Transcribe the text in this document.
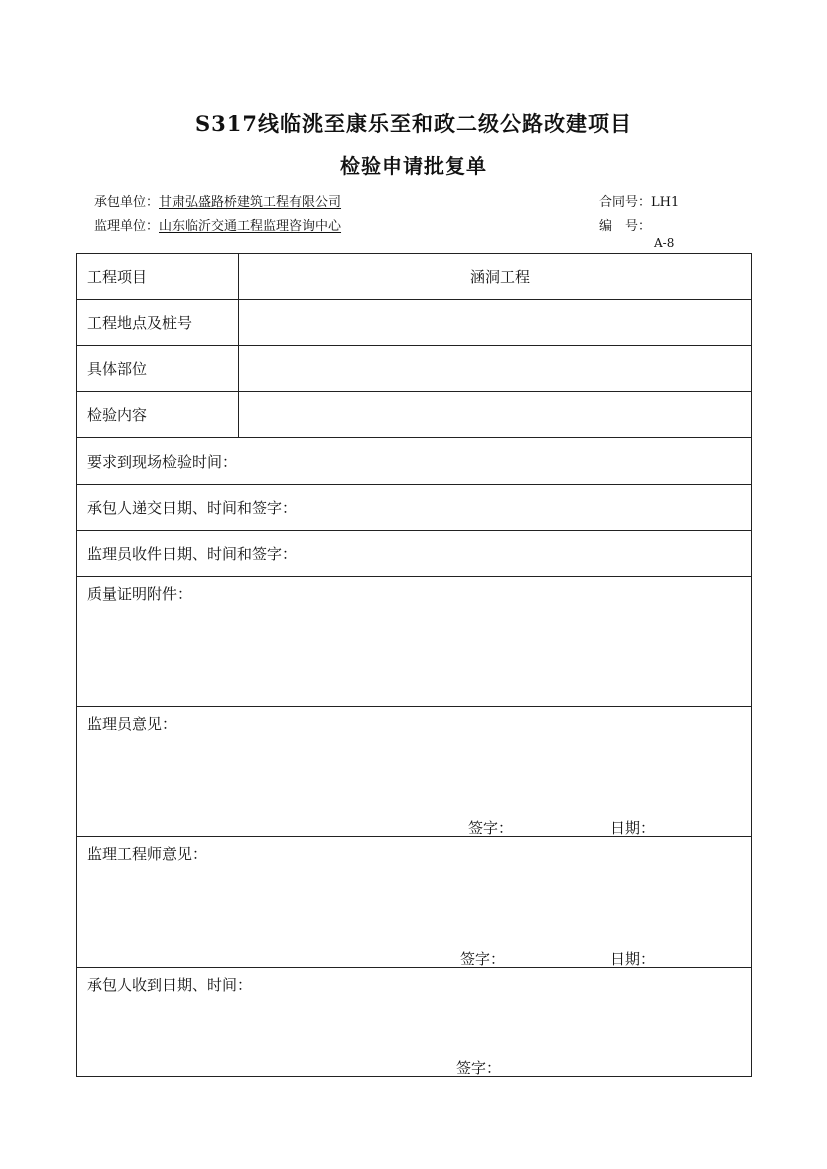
S317线临洮至康乐至和政二级公路改建项目
检验申请批复单
承包单位：甘肃弘盛路桥建筑工程有限公司
监理单位：山东临沂交通工程监理咨询中心
合同号：LH1
编　号：
A-8
工程项目	涵洞工程
工程地点及桩号	
具体部位	
检验内容	
要求到现场检验时间：	
承包人递交日期、时间和签字：	
监理员收件日期、时间和签字：	
质量证明附件：	
监理员意见：
签字： 日期：	

监理工程师意见：
签字： 日期：	

承包人收到日期、时间：
签字：	
